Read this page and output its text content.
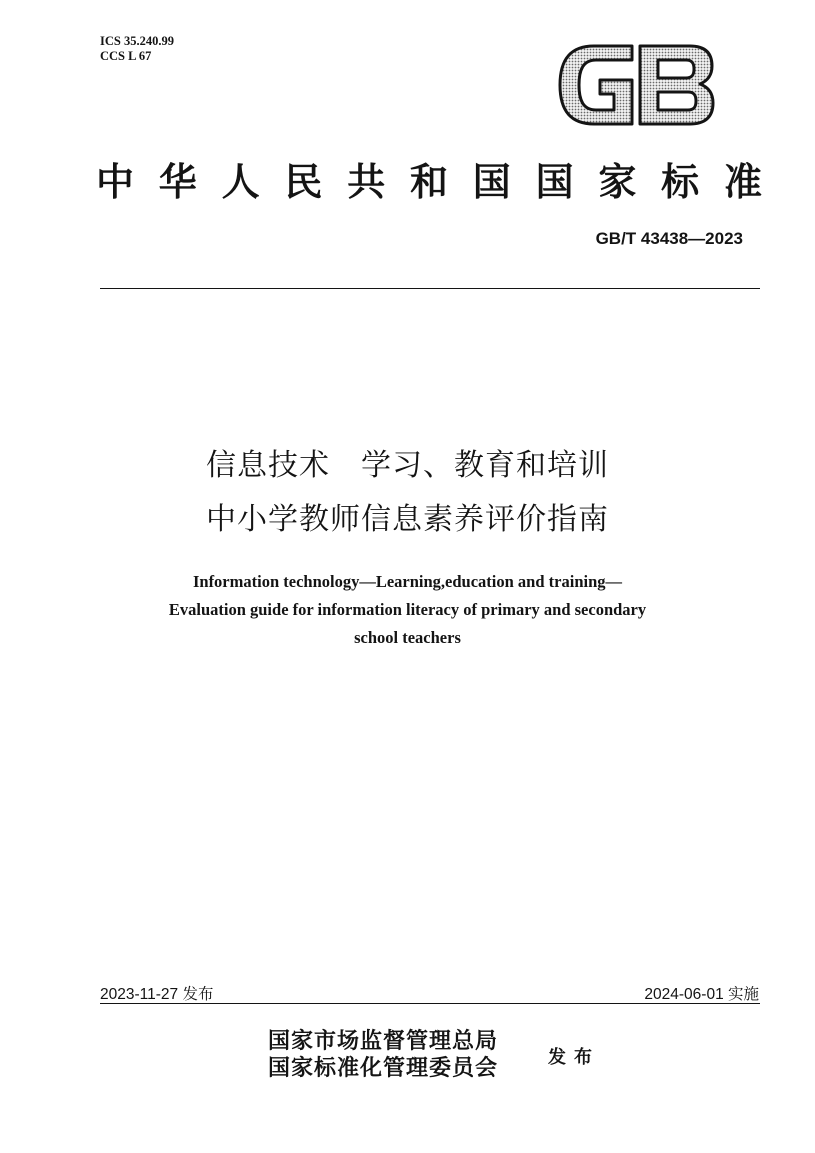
ICS 35.240.99
CCS L 67
中 华 人 民 共 和 国 国 家 标 准
GB/T 43438—2023
信息技术　学习、教育和培训
中小学教师信息素养评价指南
Information technology—Learning,education and training—
Evaluation guide for information literacy of primary and secondary
school teachers
2023-11-27 发布	2024-06-01 实施
国家市场监督管理总局
国家标准化管理委员会	发布
